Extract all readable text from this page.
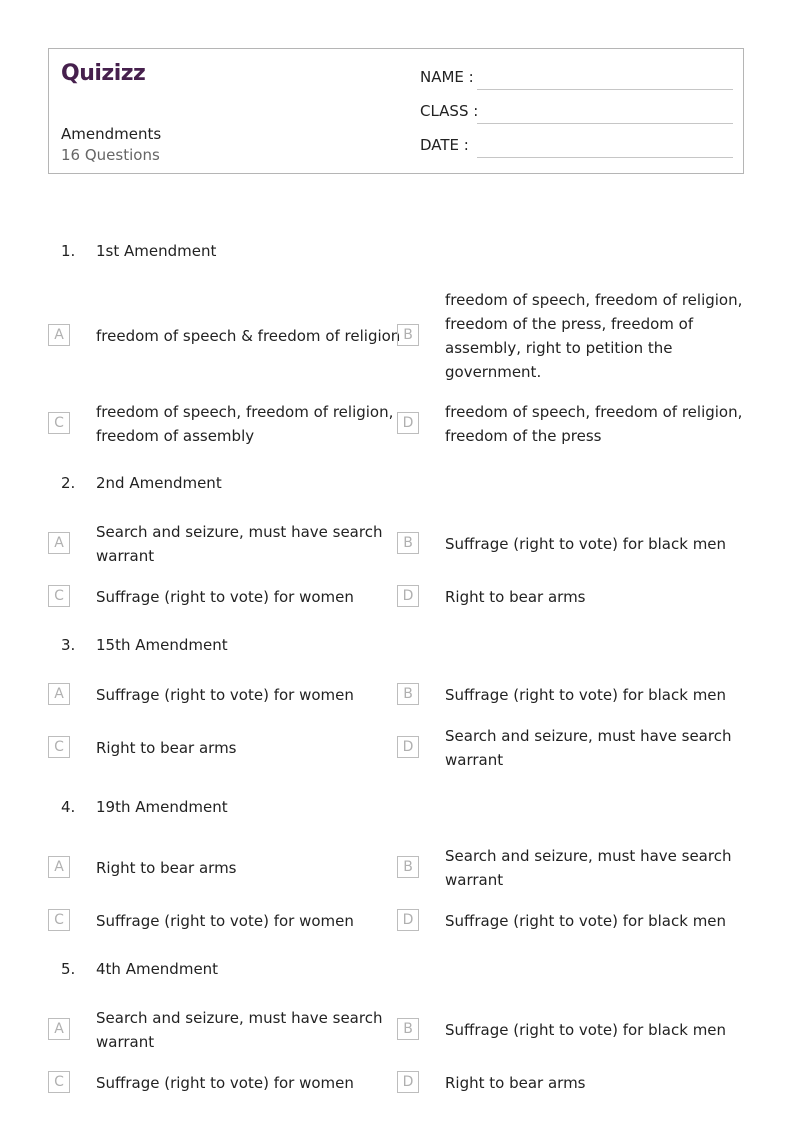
Quizizz
Amendments
16 Questions
NAME :
CLASS :
DATE :
1. 1st Amendment
A	freedom of speech & freedom of religion B
freedom of speech, freedom of religion, freedom of the press, freedom of assembly, right to petition the government.
C
freedom of speech, freedom of religion, freedom of assembly
D
freedom of speech, freedom of religion, freedom of the press
2. 2nd Amendment
A
Search and seizure, must have search warrant
B	Suffrage (right to vote) for black men
C	Suffrage (right to vote) for women	D	Right to bear arms
3. 15th Amendment
A	Suffrage (right to vote) for women	B	Suffrage (right to vote) for black men
C	Right to bear arms	D
Search and seizure, must have search warrant
4. 19th Amendment
A	Right to bear arms	B
Search and seizure, must have search warrant
C	Suffrage (right to vote) for women	D	Suffrage (right to vote) for black men
5. 4th Amendment
A
Search and seizure, must have search warrant
B	Suffrage (right to vote) for black men
C	Suffrage (right to vote) for women	D	Right to bear arms
